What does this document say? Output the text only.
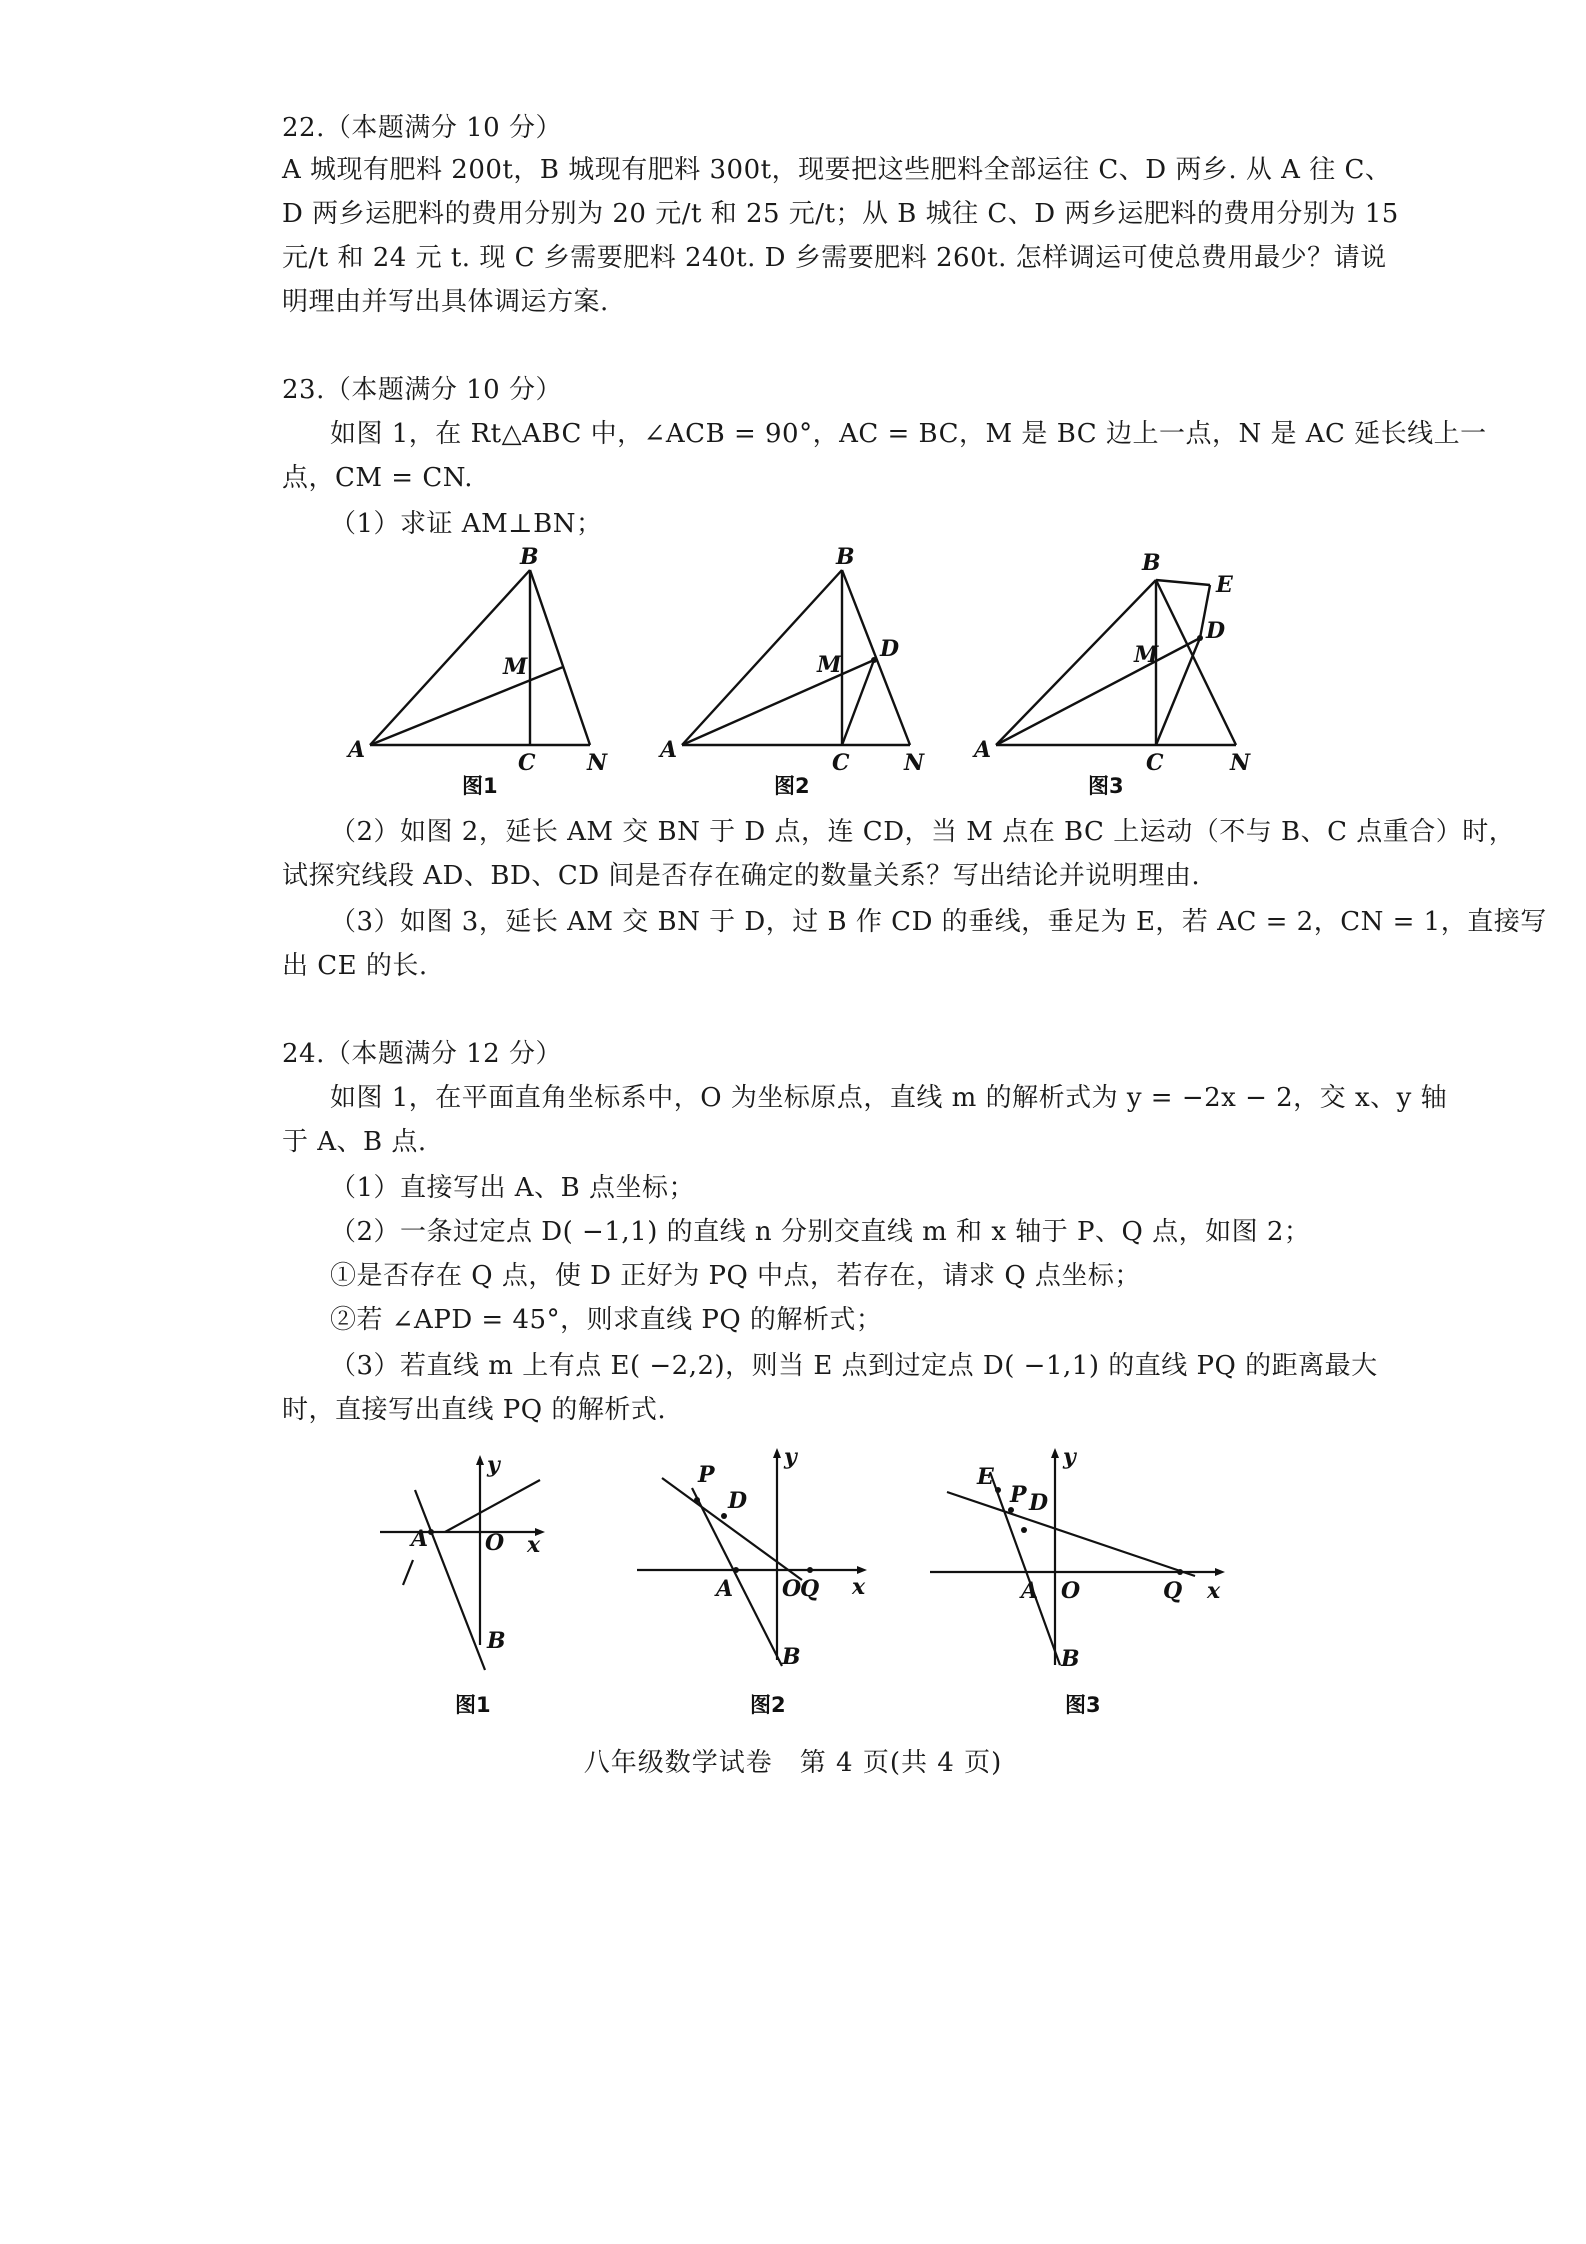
22.（本题满分 10 分）
A 城现有肥料 200t，B 城现有肥料 300t，现要把这些肥料全部运往 C、D 两乡. 从 A 往 C、
D 两乡运肥料的费用分别为 20 元/t 和 25 元/t；从 B 城往 C、D 两乡运肥料的费用分别为 15
元/t 和 24 元 t. 现 C 乡需要肥料 240t. D 乡需要肥料 260t. 怎样调运可使总费用最少？请说
明理由并写出具体调运方案.
23.（本题满分 10 分）
如图 1，在 Rt△ABC 中，∠ACB = 90°，AC = BC，M 是 BC 边上一点，N 是 AC 延长线上一
点，CM = CN.
（1）求证 AM⊥BN；
A
B
C N
M
图1
A
B
C N
M
D
图2
A
B
C	N
M
D
E
图3
（2）如图 2，延长 AM 交 BN 于 D 点，连 CD，当 M 点在 BC 上运动（不与 B、C 点重合）时，
试探究线段 AD、BD、CD 间是否存在确定的数量关系？写出结论并说明理由.
（3）如图 3，延长 AM 交 BN 于 D，过 B 作 CD 的垂线，垂足为 E，若 AC = 2，CN = 1，直接写
出 CE 的长.
24.（本题满分 12 分）
如图 1，在平面直角坐标系中，O 为坐标原点，直线 m 的解析式为 y = −2x − 2，交 x、y 轴
于 A、B 点.
（1）直接写出 A、B 点坐标；
（2）一条过定点 D( −1,1) 的直线 n 分别交直线 m 和 x 轴于 P、Q 点，如图 2；
①是否存在 Q 点，使 D 正好为 PQ 中点，若存在，请求 Q 点坐标；
②若 ∠APD = 45°，则求直线 PQ 的解析式；
（3）若直线 m 上有点 E( −2,2)，则当 E 点到过定点 D( −1,1) 的直线 PQ 的距离最大
时，直接写出直线 PQ 的解析式.
A
B
O x
y
图1
P
D
A O
Q x
y
B
图2
E
P D
A O	Q x
y
B
图3
八年级数学试卷　第 4 页(共 4 页)
